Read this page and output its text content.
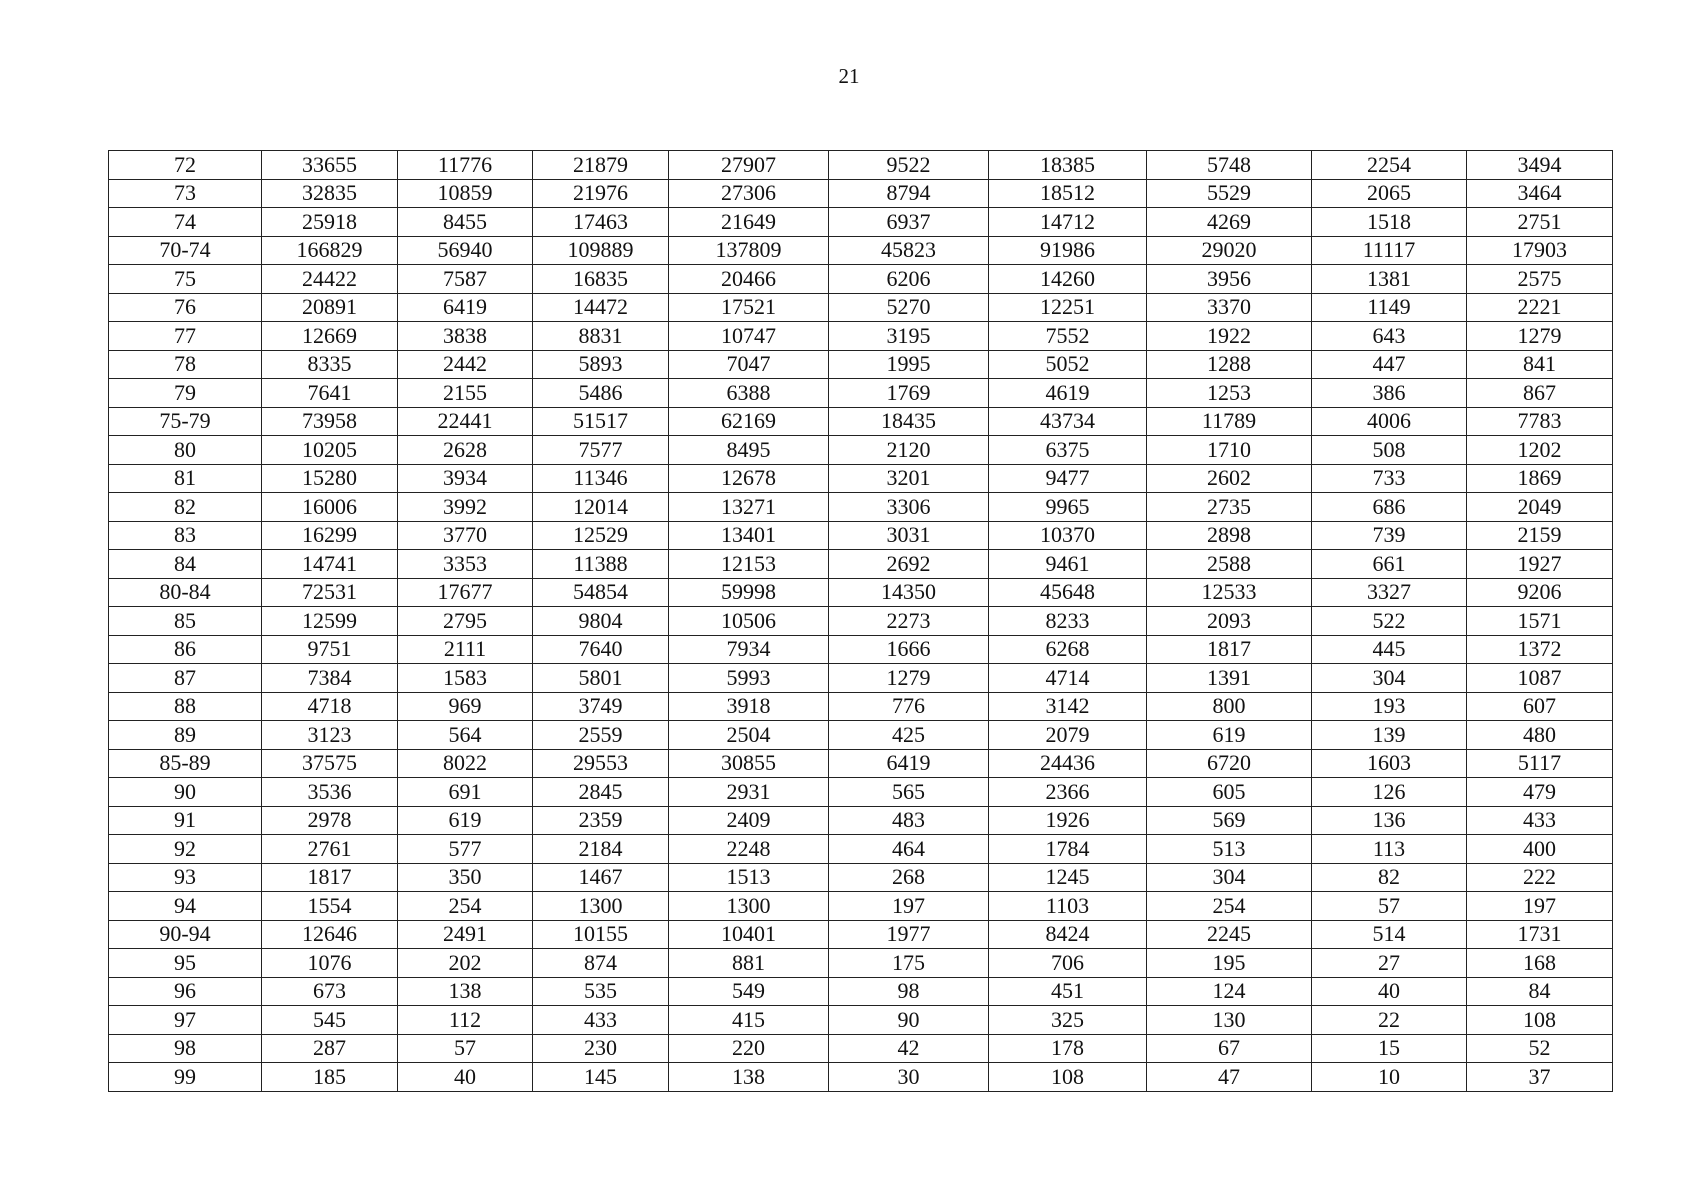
21
72	33655	11776	21879	27907	9522	18385	5748	2254	3494
73	32835	10859	21976	27306	8794	18512	5529	2065	3464
74	25918	8455	17463	21649	6937	14712	4269	1518	2751
70-74	166829	56940	109889	137809	45823	91986	29020	11117	17903
75	24422	7587	16835	20466	6206	14260	3956	1381	2575
76	20891	6419	14472	17521	5270	12251	3370	1149	2221
77	12669	3838	8831	10747	3195	7552	1922	643	1279
78	8335	2442	5893	7047	1995	5052	1288	447	841
79	7641	2155	5486	6388	1769	4619	1253	386	867
75-79	73958	22441	51517	62169	18435	43734	11789	4006	7783
80	10205	2628	7577	8495	2120	6375	1710	508	1202
81	15280	3934	11346	12678	3201	9477	2602	733	1869
82	16006	3992	12014	13271	3306	9965	2735	686	2049
83	16299	3770	12529	13401	3031	10370	2898	739	2159
84	14741	3353	11388	12153	2692	9461	2588	661	1927
80-84	72531	17677	54854	59998	14350	45648	12533	3327	9206
85	12599	2795	9804	10506	2273	8233	2093	522	1571
86	9751	2111	7640	7934	1666	6268	1817	445	1372
87	7384	1583	5801	5993	1279	4714	1391	304	1087
88	4718	969	3749	3918	776	3142	800	193	607
89	3123	564	2559	2504	425	2079	619	139	480
85-89	37575	8022	29553	30855	6419	24436	6720	1603	5117
90	3536	691	2845	2931	565	2366	605	126	479
91	2978	619	2359	2409	483	1926	569	136	433
92	2761	577	2184	2248	464	1784	513	113	400
93	1817	350	1467	1513	268	1245	304	82	222
94	1554	254	1300	1300	197	1103	254	57	197
90-94	12646	2491	10155	10401	1977	8424	2245	514	1731
95	1076	202	874	881	175	706	195	27	168
96	673	138	535	549	98	451	124	40	84
97	545	112	433	415	90	325	130	22	108
98	287	57	230	220	42	178	67	15	52
99	185	40	145	138	30	108	47	10	37
